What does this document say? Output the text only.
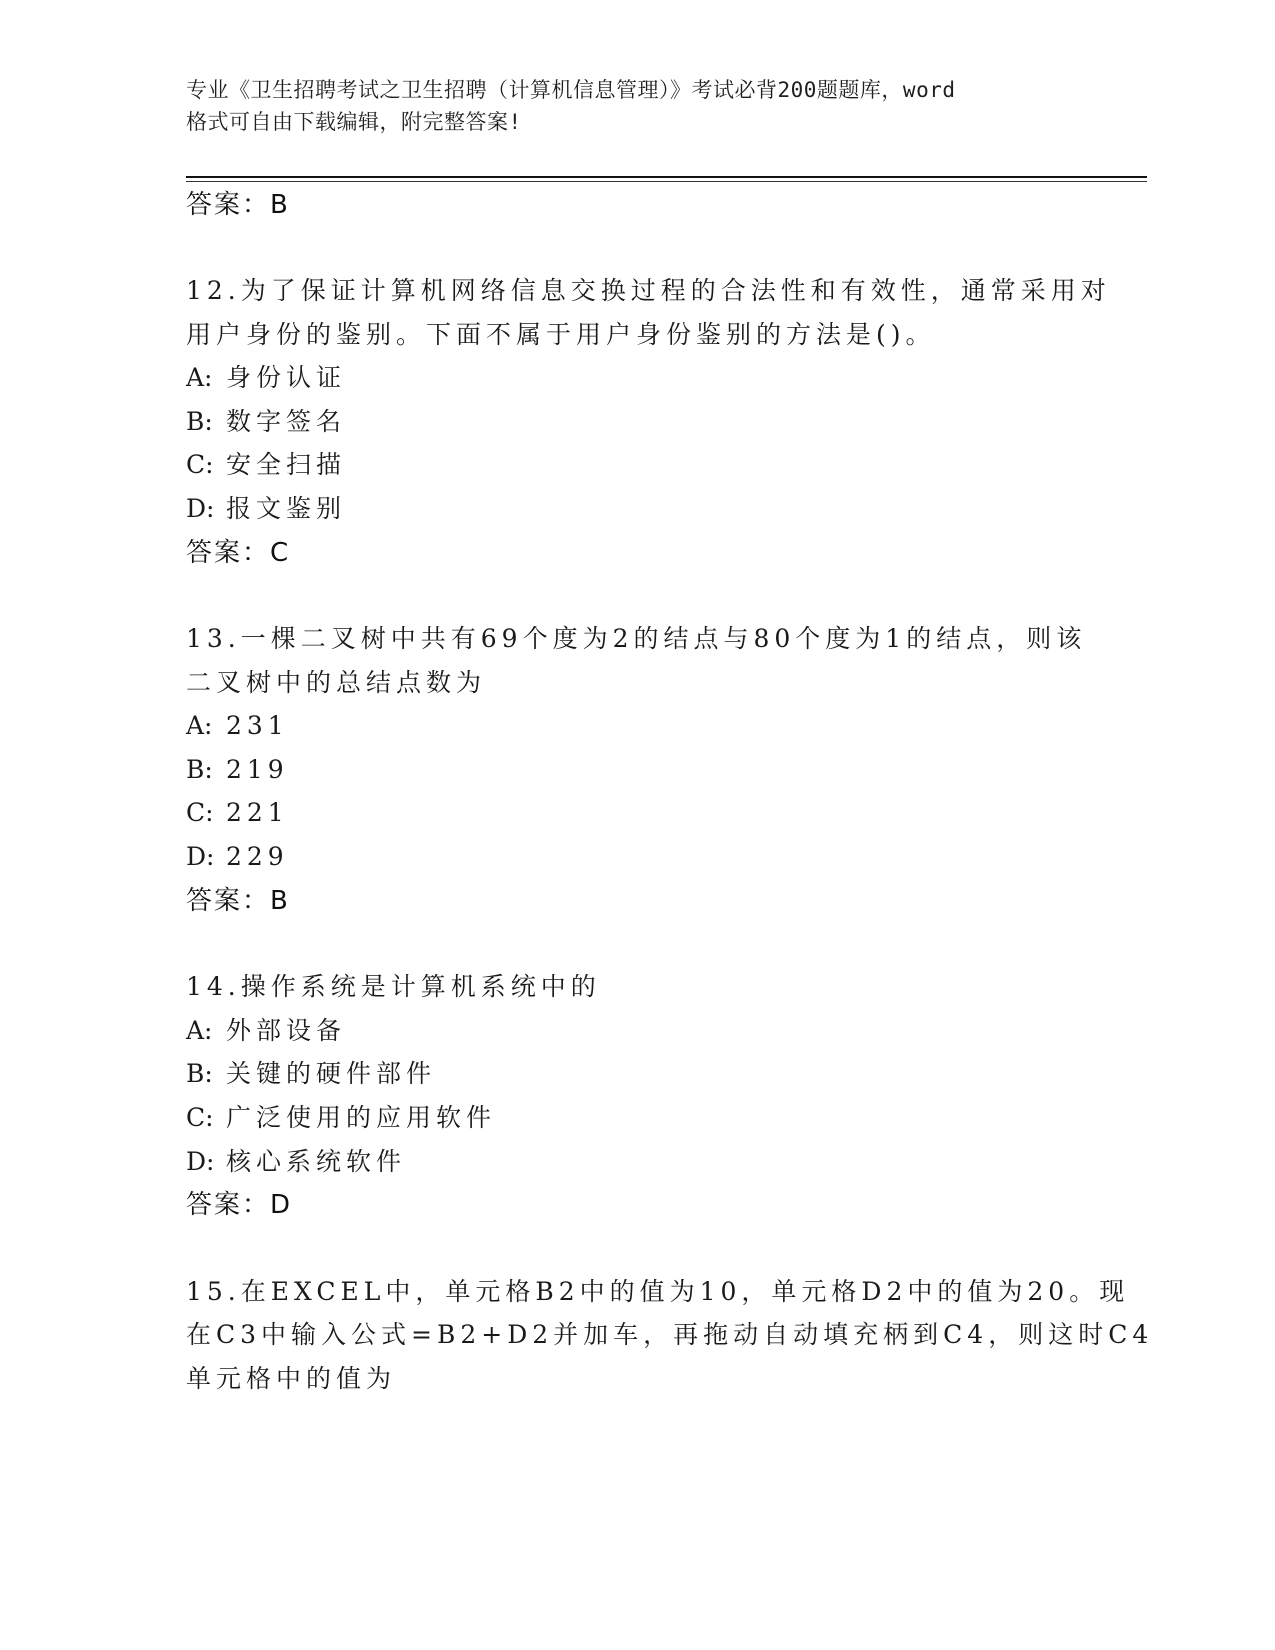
专业《卫生招聘考试之卫生招聘（计算机信息管理）》考试必背200题题库，word
格式可自由下载编辑，附完整答案!
答案：B
12.为了保证计算机网络信息交换过程的合法性和有效性，通常采用对
用户身份的鉴别。下面不属于用户身份鉴别的方法是()。
A: 身份认证
B: 数字签名
C: 安全扫描
D: 报文鉴别
答案：C
13.一棵二叉树中共有69个度为2的结点与80个度为1的结点，则该
二叉树中的总结点数为
A: 231
B: 219
C: 221
D: 229
答案：B
14.操作系统是计算机系统中的
A: 外部设备
B: 关键的硬件部件
C: 广泛使用的应用软件
D: 核心系统软件
答案：D
15.在EXCEL中，单元格B2中的值为10，单元格D2中的值为20。现
在C3中输入公式=B2+D2并加车，再拖动自动填充柄到C4，则这时C4
单元格中的值为
